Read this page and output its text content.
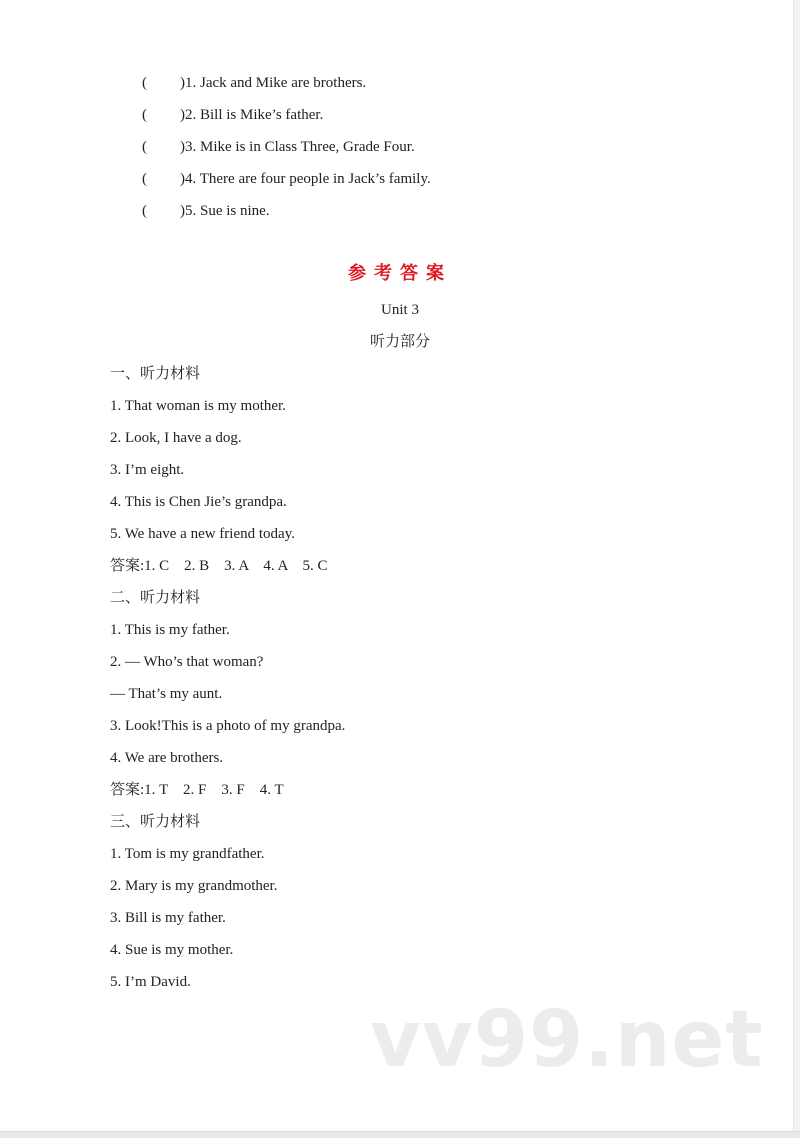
( )1. Jack and Mike are brothers.
( )2. Bill is Mike’s father.
( )3. Mike is in Class Three, Grade Four.
( )4. There are four people in Jack’s family.
( )5. Sue is nine.
参考答案
Unit 3
听力部分
一、听力材料
1. That woman is my mother.
2. Look, I have a dog.
3. I’m eight.
4. This is Chen Jie’s grandpa.
5. We have a new friend today.
答案:1. C    2. B    3. A    4. A    5. C
二、听力材料
1. This is my father.
2. — Who’s that woman?
— That’s my aunt.
3. Look!This is a photo of my grandpa.
4. We are brothers.
答案:1. T    2. F    3. F    4. T
三、听力材料
1. Tom is my grandfather.
2. Mary is my grandmother.
3. Bill is my father.
4. Sue is my mother.
5. I’m David.
vv99.net
